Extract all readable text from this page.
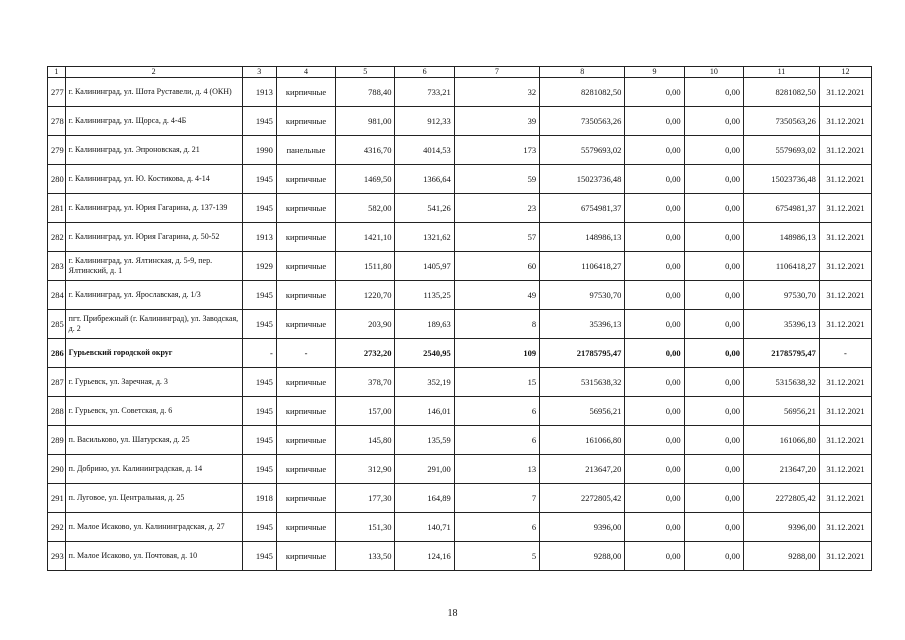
1	2	3	4	5	6	7	8	9	10	11	12
277	г. Калининград, ул. Шота Руставели, д. 4 (ОКН)	1913	кирпичные	788,40	733,21	32	8281082,50	0,00	0,00	8281082,50	31.12.2021
278	г. Калининград, ул. Щорса, д. 4-4Б	1945	кирпичные	981,00	912,33	39	7350563,26	0,00	0,00	7350563,26	31.12.2021
279	г. Калининград, ул. Эпроновская, д. 21	1990	панельные	4316,70	4014,53	173	5579693,02	0,00	0,00	5579693,02	31.12.2021
280	г. Калининград, ул. Ю. Костикова, д. 4-14	1945	кирпичные	1469,50	1366,64	59	15023736,48	0,00	0,00	15023736,48	31.12.2021
281	г. Калининград, ул. Юрия Гагарина, д. 137-139	1945	кирпичные	582,00	541,26	23	6754981,37	0,00	0,00	6754981,37	31.12.2021
282	г. Калининград, ул. Юрия Гагарина, д. 50-52	1913	кирпичные	1421,10	1321,62	57	148986,13	0,00	0,00	148986,13	31.12.2021
283	г. Калининград, ул. Ялтинская, д. 5-9, пер. Ялтинский, д. 1	1929	кирпичные	1511,80	1405,97	60	1106418,27	0,00	0,00	1106418,27	31.12.2021
284	г. Калининград, ул. Ярославская, д. 1/3	1945	кирпичные	1220,70	1135,25	49	97530,70	0,00	0,00	97530,70	31.12.2021
285	пгт. Прибрежный (г. Калининград), ул. Заводская, д. 2	1945	кирпичные	203,90	189,63	8	35396,13	0,00	0,00	35396,13	31.12.2021
286	Гурьевский городской округ	-	-	2732,20	2540,95	109	21785795,47	0,00	0,00	21785795,47	-
287	г. Гурьевск, ул. Заречная, д. 3	1945	кирпичные	378,70	352,19	15	5315638,32	0,00	0,00	5315638,32	31.12.2021
288	г. Гурьевск, ул. Советская, д. 6	1945	кирпичные	157,00	146,01	6	56956,21	0,00	0,00	56956,21	31.12.2021
289	п. Васильково, ул. Шатурская, д. 25	1945	кирпичные	145,80	135,59	6	161066,80	0,00	0,00	161066,80	31.12.2021
290	п. Добрино, ул. Калининградская, д. 14	1945	кирпичные	312,90	291,00	13	213647,20	0,00	0,00	213647,20	31.12.2021
291	п. Луговое, ул. Центральная, д. 25	1918	кирпичные	177,30	164,89	7	2272805,42	0,00	0,00	2272805,42	31.12.2021
292	п. Малое Исаково, ул. Калининградская, д. 27	1945	кирпичные	151,30	140,71	6	9396,00	0,00	0,00	9396,00	31.12.2021
293	п. Малое Исаково, ул. Почтовая, д. 10	1945	кирпичные	133,50	124,16	5	9288,00	0,00	0,00	9288,00	31.12.2021
18
